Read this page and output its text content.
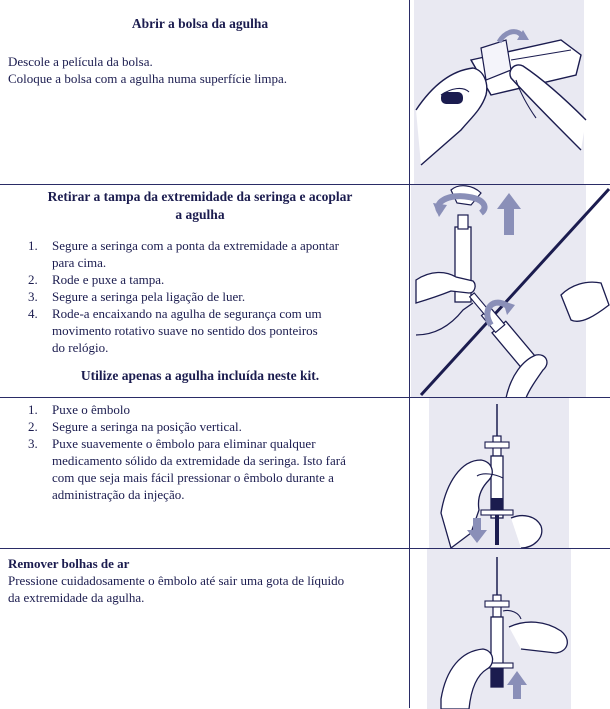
Abrir a bolsa da agulha
Descole a película da bolsa.
Coloque a bolsa com a agulha numa superfície limpa.
Retirar a tampa da extremidade da seringa e acoplar
a agulha
1. Segure a seringa com a ponta da extremidade a apontar
para cima.
2. Rode e puxe a tampa.
3. Segure a seringa pela ligação de luer.
4. Rode-a encaixando na agulha de segurança com um
movimento rotativo suave no sentido dos ponteiros
do relógio.
Utilize apenas a agulha incluída neste kit.
1. Puxe o êmbolo
2. Segure a seringa na posição vertical.
3. Puxe suavemente o êmbolo para eliminar qualquer
medicamento sólido da extremidade da seringa. Isto fará
com que seja mais fácil pressionar o êmbolo durante a
administração da injeção.
Remover bolhas de ar
Pressione cuidadosamente o êmbolo até sair uma gota de líquido
da extremidade da agulha.
